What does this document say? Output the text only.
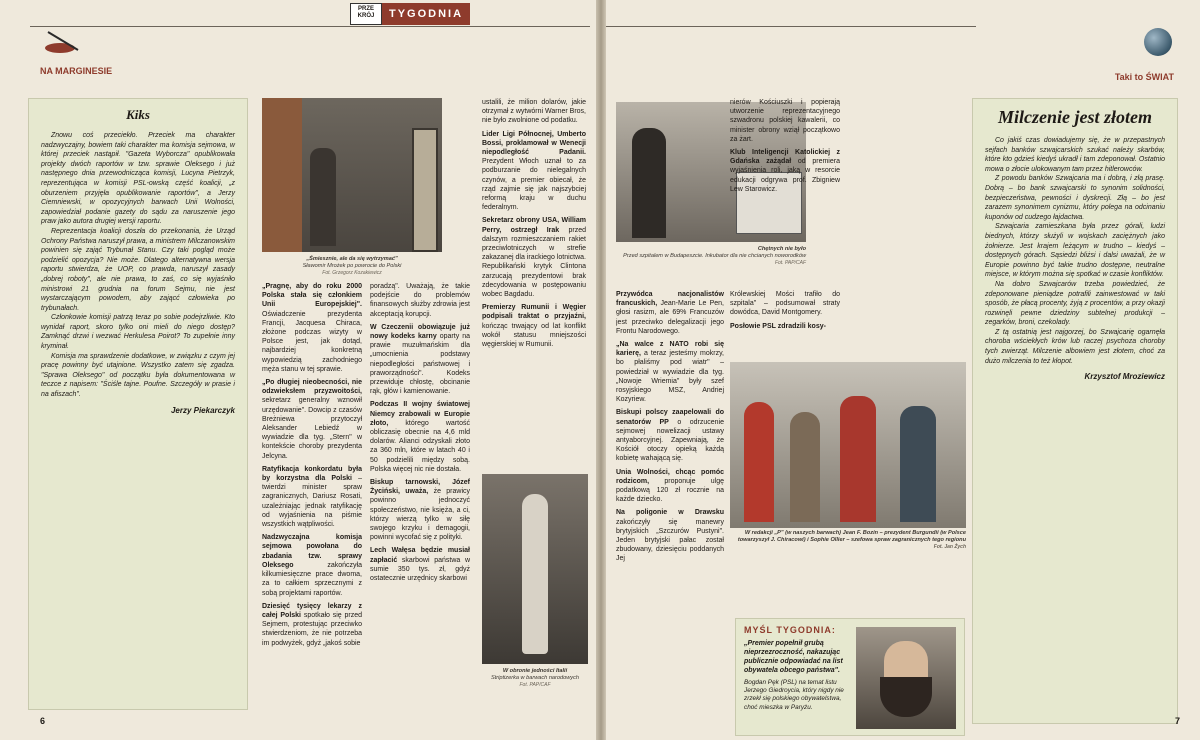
PRZE KRÓJ	TYGODNIA
NA MARGINESIE
Taki to ŚWIAT
Kiks

Znowu coś przeciekło. Przeciek ma charakter nadzwyczajny, bowiem taki charakter ma komisja sejmowa, w której przeciek nastąpił. "Gazeta Wyborcza" opublikowała projekty dwóch raportów w tzw. sprawie Oleksego i już następnego dnia przewodnicząca komisji, Lucyna Pietrzyk, reprezentująca w komisji PSL-owską część koalicji, „z oburzeniem przyjęła opublikowanie raportów", a Jerzy Ciemniewski, w opozycyjnych barwach Unii Wolności, zapowiedział podanie gazety do sądu za naruszenie jego praw jako autora drugiej wersji raportu.

Reprezentacja koalicji doszła do przekonania, że Urząd Ochrony Państwa naruszył prawa, a ministrem Milczanowskim powinien się zająć Trybunał Stanu. Czy taki pogląd może podzielić opozycja? Nie może. Dlatego alternatywna wersja raportu stwierdza, że UOP, co prawda, naruszył zasady „dobrej roboty", ale nie prawa, to zaś, co się wyjaśniło ministrowi 21 grudnia na forum Sejmu, nie jest wystarczającym powodem, aby zającć człowieka po trybunałach.

Członkowie komisji patrzą teraz po sobie podejrzliwie. Kto wynidał raport, skoro tylko oni mieli do niego dostęp? Zamknąć drzwi i wezwać Herkulesa Poirot? To zupełnie inny kryminał.

Komisja ma sprawdzenie dodatkowe, w związku z czym jej pracę powinny być utajnione. Wszystko zatem się zgadza. "Sprawa Oleksego" od początku była dokumentowana w teczce z napisem: "Ściśle tajne. Poufne. Szczegóły w prasie i na afiszach".

Jerzy Piekarczyk
6
„Śmiesznie, ale da się wytrzymać"
Sławomir Mrożek po powrocie do Polski
Fot. Grzegorz Kozakiewicz

„Pragnę, aby do roku 2000 Polska stała się członkiem Unii Europejskiej". Oświadczenie prezydenta Francji, Jacquesa Chiraca, złożone podczas wizyty w Polsce jest, jak dotąd, najbardziej konkretną wypowiedzią zachodniego męża stanu w tej sprawie.

„Po długiej nieobecności, nie odzwieksłem przyzwoitości, sekretarz generalny wznowił urzędowanie". Dowcip z czasów Breżniewa przytoczył Aleksander Lebiedź w wywiadzie dla tyg. „Stern" w kontekście choroby prezydenta Jelcyna.

Ratyfikacja konkordatu była by korzystna dla Polski – twierdzi minister spraw zagranicznych, Dariusz Rosati, uzależniając jednak ratyfikację od wyjaśnienia na piśmie wszystkich wątpliwości.

Nadzwyczajna komisja sejmowa powołana do zbadania tzw. sprawy Oleksego	zakończyła kilkumiesięczne prace dwoma, za to całkiem sprzecznymi z sobą projektami raportów.

Dziesięć tysięcy lekarzy z całej Polski spotkało się przed Sejmem, protestując przeciwko stwierdzeniom, że nie potrzeba im podwyżek, gdyż „jakoś sobie

poradzą". Uważają, że takie podejście do problemów finansowych służby zdrowia jest akceptacją korupcji.

W Czeczenii obowiązuje już nowy kodeks karny oparty na prawie muzułmańskim dla „umocnienia podstawy niepodległości państwowej i praworządności". Kodeks przewiduje chłostę, obcinanie rąk, głów i kamienowanie.

Podczas II wojny światowej Niemcy zrabowali w Europie złoto, którego wartość obliczasię obecnie na 4,6 mld dolarów. Alianci odzyskali złoto za 360 mln, które w latach 40 i 50 podzielili między sobą. Polska więcej nic nie dostała.

Biskup tarnowski, Józef Życiński, uważa, że prawicy powinno jednoczyć społeczeństwo, nie księża, a ci, którzy wierzą tylko w siłę swojego krzyku i demagogii, powinni wycofać się z polityki.

Lech Wałęsa będzie musiał zapłacić skarbowi państwa w sumie 350 tys. zł, gdyż ostatecznie urzędnicy skarbowi

ustalili, że milion dolarów, jakie otrzymał z wytwórni Warner Bros, nie było zwolnione od podatku.

Lider Ligi Północnej, Umberto Bossi, proklamował w Wenecji niepodległość Padanii. Prezydent Włoch uznał to za podburzanie do nielegalnych czynów, a premier obiecał, że rząd zajmie się jak najszybciej reformą kraju w duchu federalnym.

Sekretarz obrony USA, William Perry, ostrzegł Irak przed dalszym rozmieszczaniem rakiet przeciwlotniczych w strefie zakazanej dla irackiego lotnictwa. Republikański krytyk Clintona zarzucają prezydentowi brak zdecydowania w postępowaniu wobec Bagdadu.

Premierzy Rumunii i Węgier podpisali traktat o przyjaźni, kończąc trwający od lat konflikt wokół statusu mniejszości węgierskiej w Rumunii.

W obronie jedności Italii
Striptizerka w barwach narodowych
Fot. PAP/CAF
Chętnych nie było
Przed szpitalem w Budapeszcie. Inkubator dla nie chcianych noworodków
Fot. PAP/CAF

Przywódca nacjonalistów francuskich, Jean-Marie Le Pen, głosi rasizm, ale 69% Francuzów jest przeciwko delegalizacji jego Frontu Narodowego.

„Na walce z NATO robi się karierę, a teraz jesteśmy mokrzy, bo płaliśmy pod wiatr" – powiedział w wywiadzie dla tyg. „Nowoje Wriemia" były szef rosyjskiego MSZ, Andriej Kozyriew.

Biskupi polscy zaapelowali do senatorów PP o odrzucenie sejmowej nowelizacji ustawy antyaborcyjnej. Zapewniają, że Kościół otoczy opieką każdą kobietę wahającą się.

Unia Wolności, chcąc pomóc rodzicom, proponuje ulgę podatkową 120 zł rocznie na każde dziecko.

Na poligonie w Drawsku zakończyły się manewry brytyjskich „Szczurów Pustyni". Jeden brytyjski pałac został zbudowany, dziesięciu poddanych Jej

nierów Kościuszki i popierają utworzenie reprezentacyjnego szwadronu polskiej kawalerii, co minister obrony wziął początkowo za żart.

Klub Inteligencji Katolickiej z Gdańska zażądał od premiera wyjaśnienia roli, jaką w resorcie edukacji odgrywa prof. Zbigniew Lew Starowicz.

Królewskiej Mości trafiło do szpitala" – podsumował straty dowódca, David Montgomery.

Posłowie PSL zdradzili kosy-

W redakcji „P" (w naszych barwach) Jean F. Bozin – prezydent Burgundii (w Polsce towarzyszył J. Chiracowi) i Sophie Ollier – szefowa spraw zagranicznych tego regionu
Fot. Jan Żych
MYŚL TYGODNIA:
„Premier popełnił grubą nieprzezroczność, nakazując publicznie odpowiadać na list obywatela obcego państwa".
Bogdan Pęk (PSL) na temat listu Jerzego Giedroycia, który nigdy nie zrzekł się polskiego obywatelstwa, choć mieszka w Paryżu.
Milczenie jest złotem

Co jakiś czas dowiadujemy się, że w przepastnych sejfach banków szwajcarskich szukać należy skarbów, które kto gdzieś kiedyś ukradł i tam zdeponował. Ostatnio mowa o złocie ulokowanym tam przez hitlerowców.

Z powodu banków Szwajcaria ma i dobrą, i złą prasę. Dobrą – bo bank szwajcarski to synonim solidności, bezpieczeństwa, pewności i dyskrecji. Złą – bo jest zarazem synonimem cynizmu, który polega na odcinaniu kuponów od cudzego łajdactwa.

Szwajcaria zamieszkana była przez górali, ludzi biednych, którzy służyli w wojskach zaciężnych jako żołnierze. Jest krajem leżącym w trudno – kiedyś – dostępnych górach. Sąsiedzi bliżsi i dalsi uważali, że w Europie powinno być takie trudno dostępne, neutralne miejsce, w którym można się spotkać w czasie konfliktów.

Na dobro Szwajcarów trzeba powiedzieć, że zdeponowane pieniądze potrafili zainwestować w taki sposób, że płacą procenty, żyją z procentów, a przy okazji rozwinęli pewne dziedziny subtelnej produkcji – zegarków, broni, czekolady.

Z tą ostatnią jest najgorzej, bo Szwajcarię ogarnęła choroba wściekłych krów lub raczej psychoza choroby tych zwierząt. Milczenie albowiem jest złotem, choć za dużo milczenia to też kłopot.

Krzysztof Mroziewicz
7
